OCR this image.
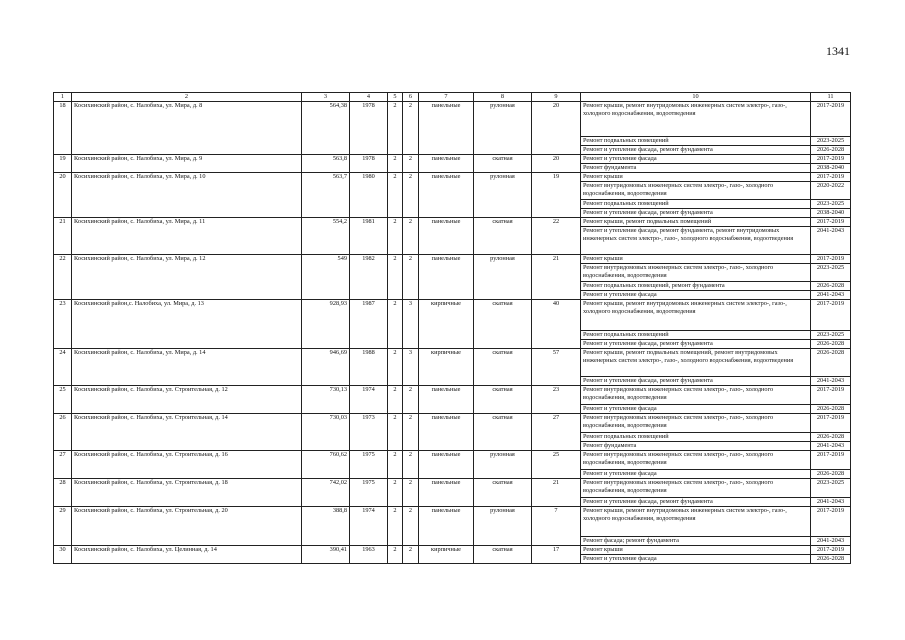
1341
1	2	3	4	5	6	7	8	9	10	11
18	Косихинский район, с. Налобиха, ул. Мира, д. 8	564,38	1978	2	2	панельные	рулонная	20	Ремонт крыши, ремонт внутридомовых инженерных систем электро-, газо-, холодного водоснабжения, водоотведения	2017-2019
									Ремонт подвальных помещений	2023-2025
									Ремонт и утепление фасада, ремонт фундамента	2026-2028
19	Косихинский район, с. Налобиха, ул. Мира, д. 9	563,8	1978	2	2	панельные	скатная	20	Ремонт и утепление фасада	2017-2019
									Ремонт фундамента	2038-2040
20	Косихинский район, с. Налобиха, ул. Мира, д. 10	563,7	1980	2	2	панельные	рулонная	19	Ремонт крыши	2017-2019
									Ремонт внутридомовых инженерных систем электро-, газо-, холодного водоснабжения, водоотведения	2020-2022
									Ремонт подвальных помещений	2023-2025
									Ремонт и утепление фасада, ремонт фундамента	2038-2040
21	Косихинский район, с. Налобиха, ул. Мира, д. 11	554,2	1981	2	2	панельные	скатная	22	Ремонт крыши, ремонт подвальных помещений	2017-2019
									Ремонт и утепление фасада, ремонт фундамента, ремонт внутридомовых инженерных систем электро-, газо-, холодного водоснабжения, водоотведения	2041-2043
22	Косихинский район, с. Налобиха, ул. Мира, д. 12	549	1982	2	2	панельные	рулонная	21	Ремонт крыши	2017-2019
									Ремонт внутридомовых инженерных систем электро-, газо-, холодного водоснабжения, водоотведения	2023-2025
									Ремонт подвальных помещений, ремонт фундамента	2026-2028
									Ремонт и утепление фасада	2041-2043
23	Косихинский район,с. Налобиха, ул. Мира, д. 13	928,93	1987	2	3	кирпичные	скатная	40	Ремонт крыши, ремонт внутридомовых инженерных систем электро-, газо-, холодного водоснабжения, водоотведения	2017-2019
									Ремонт подвальных помещений	2023-2025
									Ремонт и утепление фасада, ремонт фундамента	2026-2028
24	Косихинский район, с. Налобиха, ул. Мира, д. 14	946,69	1988	2	3	кирпичные	скатная	57	Ремонт крыши, ремонт подвальных помещений, ремонт внутридомовых инженерных систем электро-, газо-, холодного водоснабжения, водоотведения	2026-2028
									Ремонт и утепление фасада, ремонт фундамента	2041-2043
25	Косихинский район, с. Налобиха, ул. Строительная, д. 12	730,13	1974	2	2	панельные	скатная	23	Ремонт внутридомовых инженерных систем электро-, газо-, холодного водоснабжения, водоотведения	2017-2019
									Ремонт и утепление фасада	2026-2028
26	Косихинский район, с. Налобиха, ул. Строительная, д. 14	730,03	1973	2	2	панельные	скатная	27	Ремонт внутридомовых инженерных систем электро-, газо-, холодного водоснабжения, водоотведения	2017-2019
									Ремонт подвальных помещений	2026-2028
									Ремонт фундамента	2041-2043
27	Косихинский район, с. Налобиха, ул. Строительная, д. 16	760,62	1975	2	2	панельные	рулонная	25	Ремонт внутридомовых инженерных систем электро-, газо-, холодного водоснабжения, водоотведения	2017-2019
									Ремонт и утепление фасада	2026-2028
28	Косихинский район, с. Налобиха, ул. Строительная, д. 18	742,02	1975	2	2	панельные	скатная	21	Ремонт внутридомовых инженерных систем электро-, газо-, холодного водоснабжения, водоотведения	2023-2025
									Ремонт и утепление фасада, ремонт фундамента	2041-2043
29	Косихинский район, с. Налобиха, ул. Строительная, д. 20	388,8	1974	2	2	панельные	рулонная	7	Ремонт крыши, ремонт внутридомовых инженерных систем электро-, газо-, холодного водоснабжения, водоотведения	2017-2019
									Ремонт фасада; ремонт фундамента	2041-2043
30	Косихинский район, с. Налобиха, ул. Целинная, д. 14	390,41	1963	2	2	кирпичные	скатная	17	Ремонт крыши	2017-2019
									Ремонт и утепление фасада	2026-2028
